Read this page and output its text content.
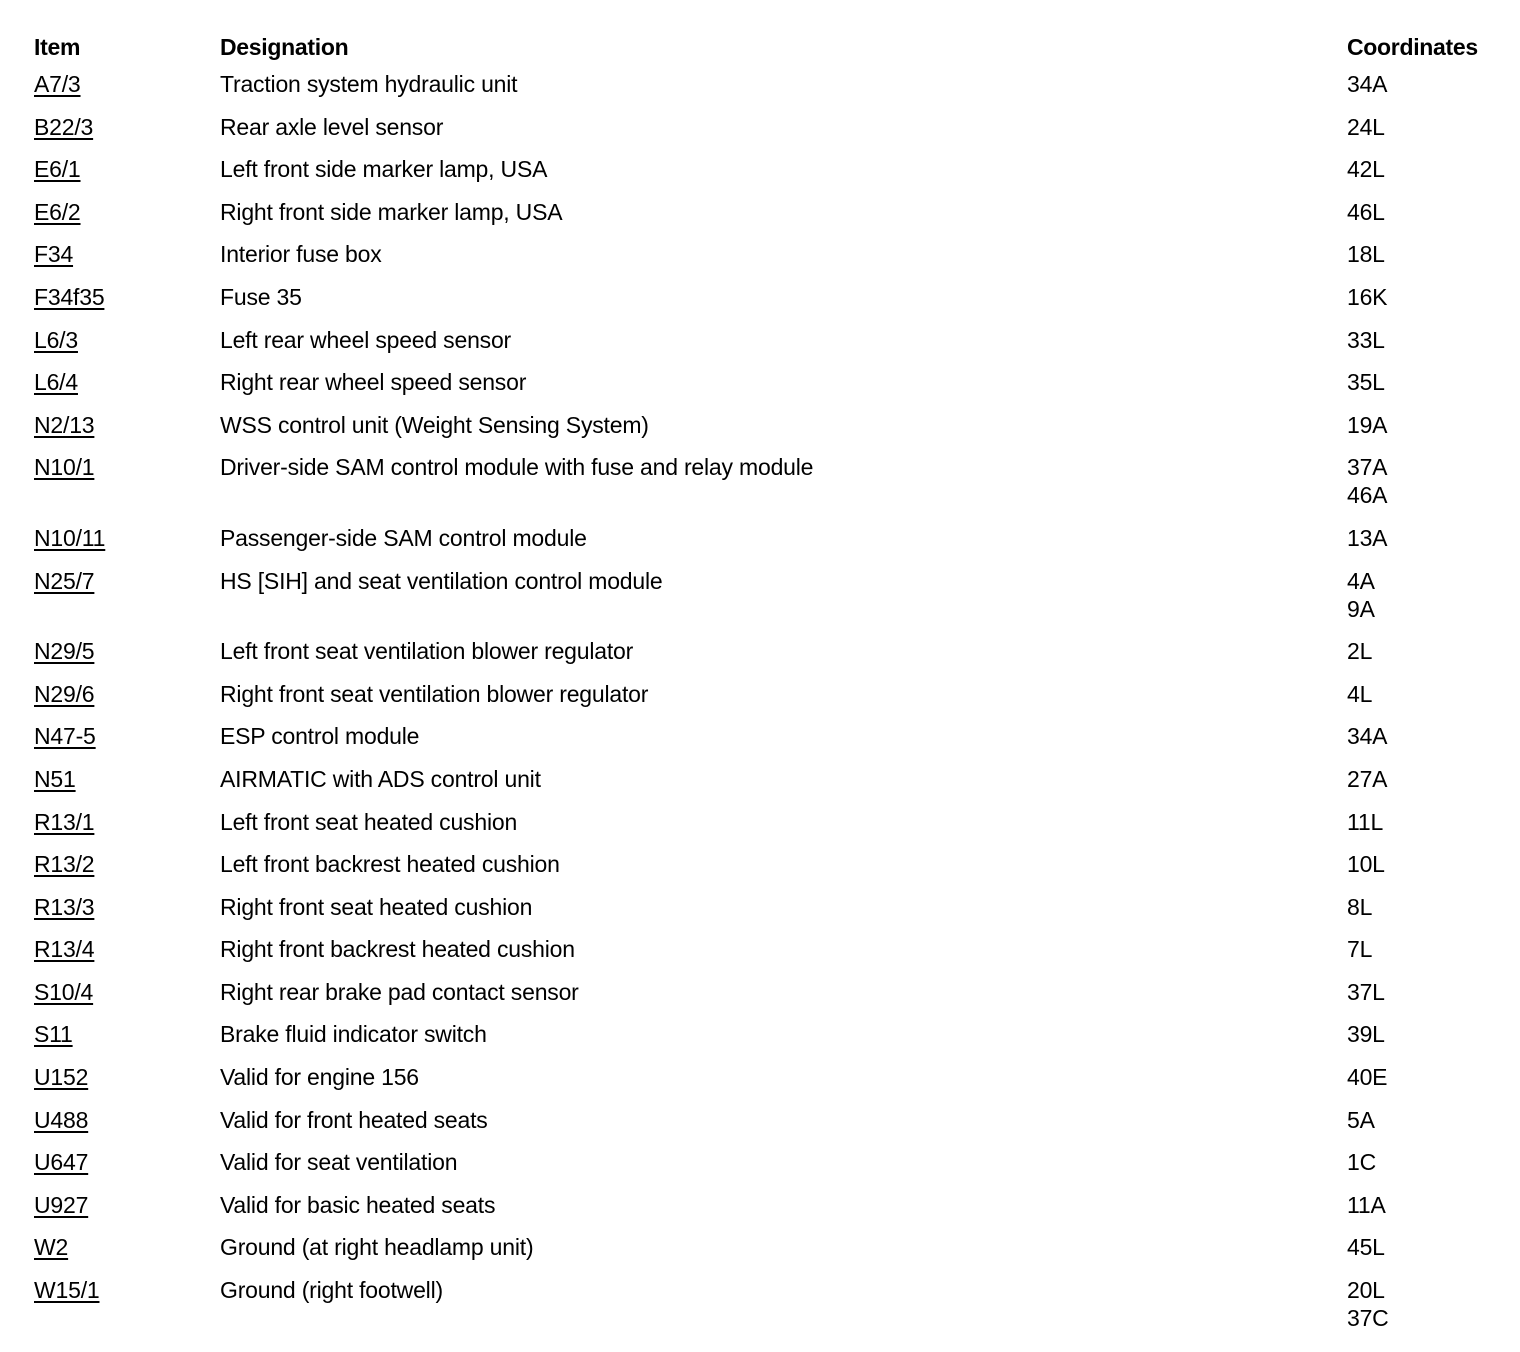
Item	Designation	Coordinates
A7/3	Traction system hydraulic unit	34A

B22/3	Rear axle level sensor	24L

E6/1	Left front side marker lamp, USA	42L

E6/2	Right front side marker lamp, USA	46L

F34	Interior fuse box	18L

F34f35	Fuse 35	16K

L6/3	Left rear wheel speed sensor	33L

L6/4	Right rear wheel speed sensor	35L

N2/13	WSS control unit (Weight Sensing System)	19A

N10/1	Driver-side SAM control module with fuse and relay module	37A
46A

N10/11	Passenger-side SAM control module	13A

N25/7	HS [SIH] and seat ventilation control module	4A
9A

N29/5	Left front seat ventilation blower regulator	2L

N29/6	Right front seat ventilation blower regulator	4L

N47-5	ESP control module	34A

N51	AIRMATIC with ADS control unit	27A

R13/1	Left front seat heated cushion	11L

R13/2	Left front backrest heated cushion	10L

R13/3	Right front seat heated cushion	8L

R13/4	Right front backrest heated cushion	7L

S10/4	Right rear brake pad contact sensor	37L

S11	Brake fluid indicator switch	39L

U152	Valid for engine 156	40E

U488	Valid for front heated seats	5A

U647	Valid for seat ventilation	1C

U927	Valid for basic heated seats	11A

W2	Ground (at right headlamp unit)	45L

W15/1	Ground (right footwell)	20L
37C
